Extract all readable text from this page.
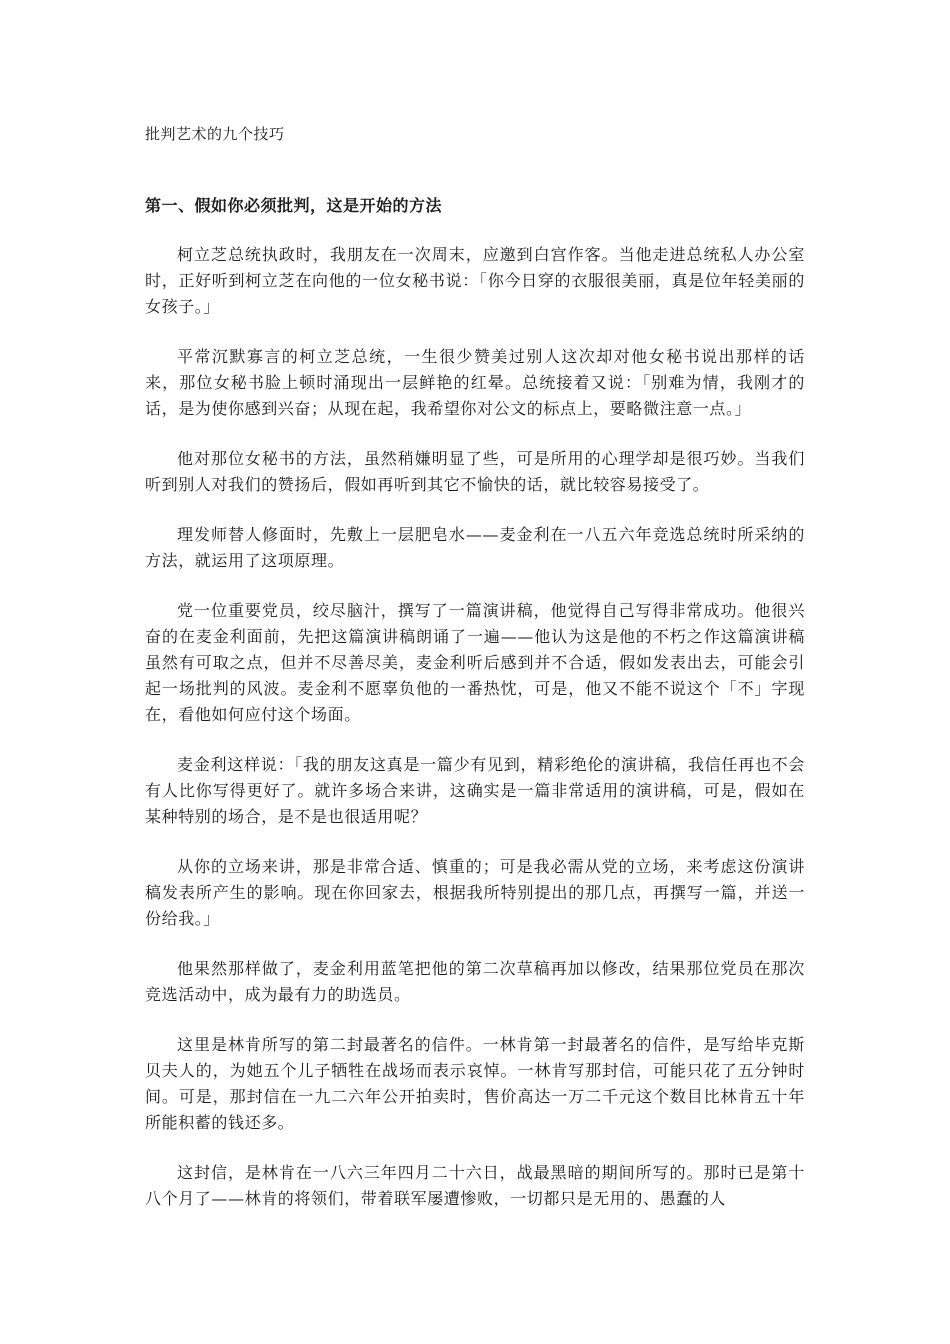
批判艺术的九个技巧
第一、假如你必须批判，这是开始的方法

柯立芝总统执政时，我朋友在一次周末，应邀到白宫作客。当他走进总统私人办公室时，正好听到柯立芝在向他的一位女秘书说：「你今日穿的衣服很美丽，真是位年轻美丽的女孩子。」

平常沉默寡言的柯立芝总统，一生很少赞美过别人这次却对他女秘书说出那样的话来，那位女秘书脸上顿时涌现出一层鲜艳的红晕。总统接着又说：「别难为情，我刚才的话，是为使你感到兴奋；从现在起，我希望你对公文的标点上，要略微注意一点。」

他对那位女秘书的方法，虽然稍嫌明显了些，可是所用的心理学却是很巧妙。当我们听到别人对我们的赞扬后，假如再听到其它不愉快的话，就比较容易接受了。

理发师替人修面时，先敷上一层肥皂水——麦金利在一八五六年竞选总统时所采纳的方法，就运用了这项原理。

党一位重要党员，绞尽脑汁，撰写了一篇演讲稿，他觉得自己写得非常成功。他很兴奋的在麦金利面前，先把这篇演讲稿朗诵了一遍——他认为这是他的不朽之作这篇演讲稿虽然有可取之点，但并不尽善尽美，麦金利听后感到并不合适，假如发表出去，可能会引起一场批判的风波。麦金利不愿辜负他的一番热忱，可是，他又不能不说这个「不」字现在，看他如何应付这个场面。

麦金利这样说：「我的朋友这真是一篇少有见到，精彩绝伦的演讲稿，我信任再也不会有人比你写得更好了。就许多场合来讲，这确实是一篇非常适用的演讲稿，可是，假如在某种特别的场合，是不是也很适用呢？

从你的立场来讲，那是非常合适、慎重的；可是我必需从党的立场，来考虑这份演讲稿发表所产生的影响。现在你回家去，根据我所特别提出的那几点，再撰写一篇，并送一份给我。」

他果然那样做了，麦金利用蓝笔把他的第二次草稿再加以修改，结果那位党员在那次竞选活动中，成为最有力的助选员。

这里是林肯所写的第二封最著名的信件。一林肯第一封最著名的信件，是写给毕克斯贝夫人的，为她五个儿子牺牲在战场而表示哀悼。一林肯写那封信，可能只花了五分钟时间。可是，那封信在一九二六年公开拍卖时，售价高达一万二千元这个数目比林肯五十年所能积蓄的钱还多。

这封信，是林肯在一八六三年四月二十六日，战最黑暗的期间所写的。那时已是第十八个月了——林肯的将领们，带着联军屡遭惨败，一切都只是无用的、愚蠢的人
